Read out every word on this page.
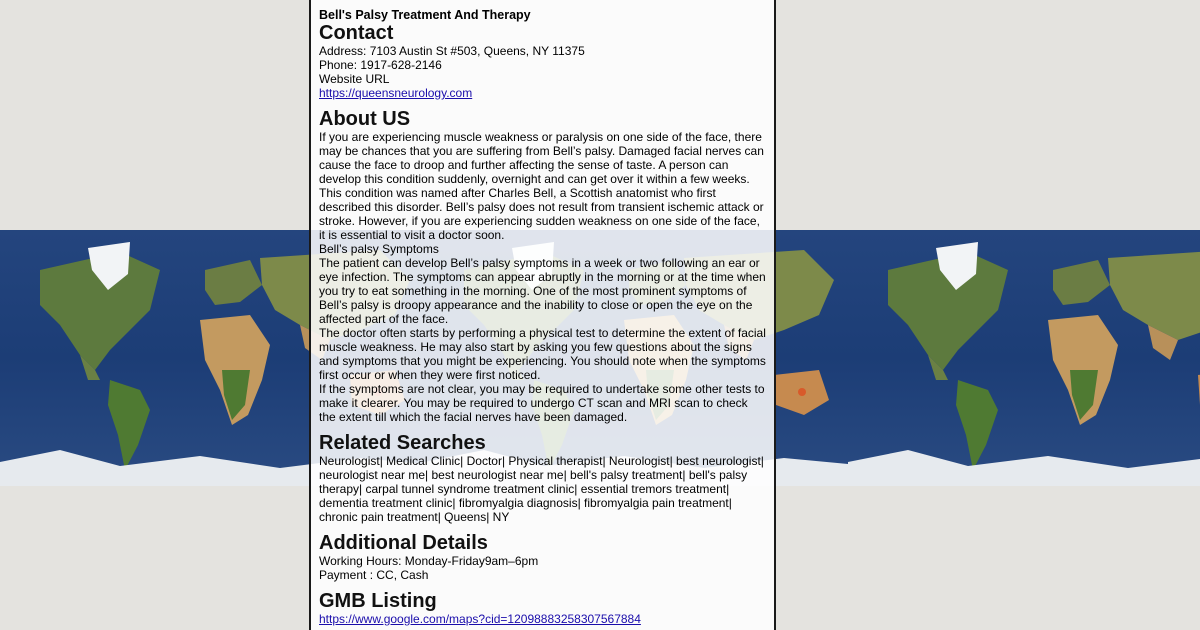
Bell's Palsy Treatment And Therapy
Contact
Address: 7103 Austin St #503, Queens, NY 11375
Phone: 1917-628-2146
Website URL
https://queensneurology.com
About US
If you are experiencing muscle weakness or paralysis on one side of the face, there may be chances that you are suffering from Bell’s palsy. Damaged facial nerves can cause the face to droop and further affecting the sense of taste. A person can develop this condition suddenly, overnight and can get over it within a few weeks. This condition was named after Charles Bell, a Scottish anatomist who first described this disorder. Bell’s palsy does not result from transient ischemic attack or stroke. However, if you are experiencing sudden weakness on one side of the face, it is essential to visit a doctor soon.
Bell’s palsy Symptoms
The patient can develop Bell’s palsy symptoms in a week or two following an ear or eye infection. The symptoms can appear abruptly in the morning or at the time when you try to eat something in the morning. One of the most prominent symptoms of Bell’s palsy is droopy appearance and the inability to close or open the eye on the affected part of the face.
The doctor often starts by performing a physical test to determine the extent of facial muscle weakness. He may also start by asking you few questions about the signs and symptoms that you might be experiencing. You should note when the symptoms first occur or when they were first noticed.
If the symptoms are not clear, you may be required to undertake some other tests to make it clearer. You may be required to undergo CT scan and MRI scan to check the extent till which the facial nerves have been damaged.
Related Searches
Neurologist| Medical Clinic| Doctor| Physical therapist| Neurologist| best neurologist| neurologist near me| best neurologist near me| bell's palsy treatment| bell's palsy therapy| carpal tunnel syndrome treatment clinic| essential tremors treatment| dementia treatment clinic| fibromyalgia diagnosis| fibromyalgia pain treatment| chronic pain treatment| Queens| NY
Additional Details
Working Hours: Monday-Friday9am–6pm
Payment : CC, Cash
GMB Listing
https://www.google.com/maps?cid=12098883258307567884
